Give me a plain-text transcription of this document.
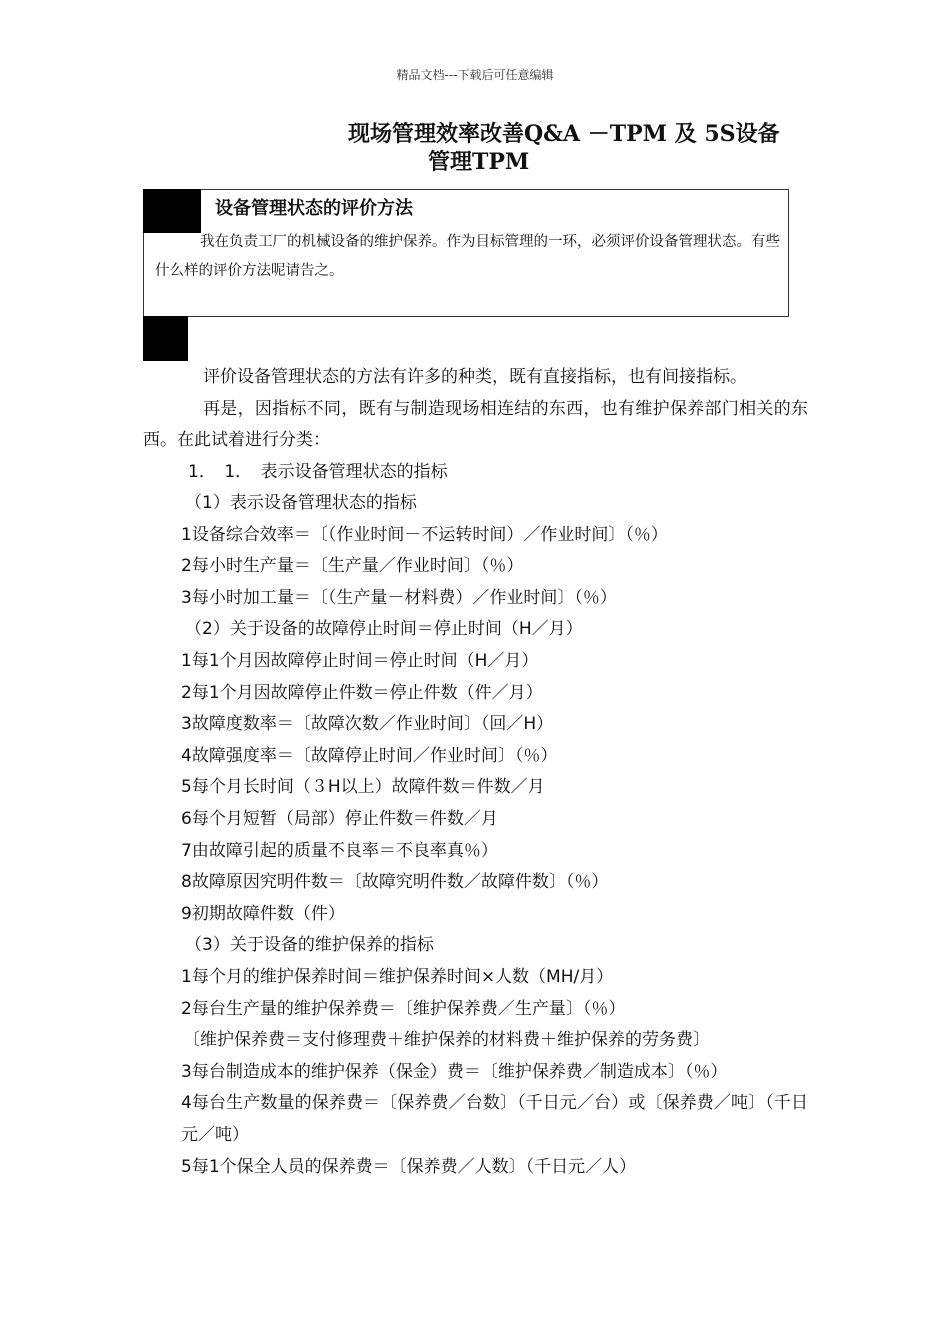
精品文档---下载后可任意编辑
现场管理效率改善Q&A －TPM 及 5S设备
管理TPM
设备管理状态的评价方法
我在负责工厂的机械设备的维护保养。作为目标管理的一环，必须评价设备管理状态。有些什么样的评价方法呢请告之。

评价设备管理状态的方法有许多的种类，既有直接指标，也有间接指标。

再是，因指标不同，既有与制造现场相连结的东西，也有维护保养部门相关的东西。在此试着进行分类：

1．　1．　表示设备管理状态的指标
（1）表示设备管理状态的指标
1设备综合效率＝〔（作业时间－不运转时间）／作业时间〕（％）
2每小时生产量＝〔生产量／作业时间〕（％）
3每小时加工量＝〔（生产量－材料费）／作业时间〕（％）
（2）关于设备的故障停止时间＝停止时间（H／月）
1每1个月因故障停止时间＝停止时间（H／月）
2每1个月因故障停止件数＝停止件数（件／月）
3故障度数率＝〔故障次数／作业时间〕（回／H）
4故障强度率＝〔故障停止时间／作业时间〕（％）
5每个月长时间（３H以上）故障件数＝件数／月
6每个月短暂（局部）停止件数＝件数／月
7由故障引起的质量不良率＝不良率真％）
8故障原因究明件数＝〔故障究明件数／故障件数〕（％）
9初期故障件数（件）
（3）关于设备的维护保养的指标
1每个月的维护保养时间＝维护保养时间×人数（MH/月）
2每台生产量的维护保养费＝〔维护保养费／生产量〕（％）
〔维护保养费＝支付修理费＋维护保养的材料费＋维护保养的劳务费〕
3每台制造成本的维护保养（保金）费＝〔维护保养费／制造成本〕（％）
4每台生产数量的保养费＝〔保养费／台数〕（千日元／台）或〔保养费／吨〕（千日元／吨）
5每1个保全人员的保养费＝〔保养费／人数〕（千日元／人）
